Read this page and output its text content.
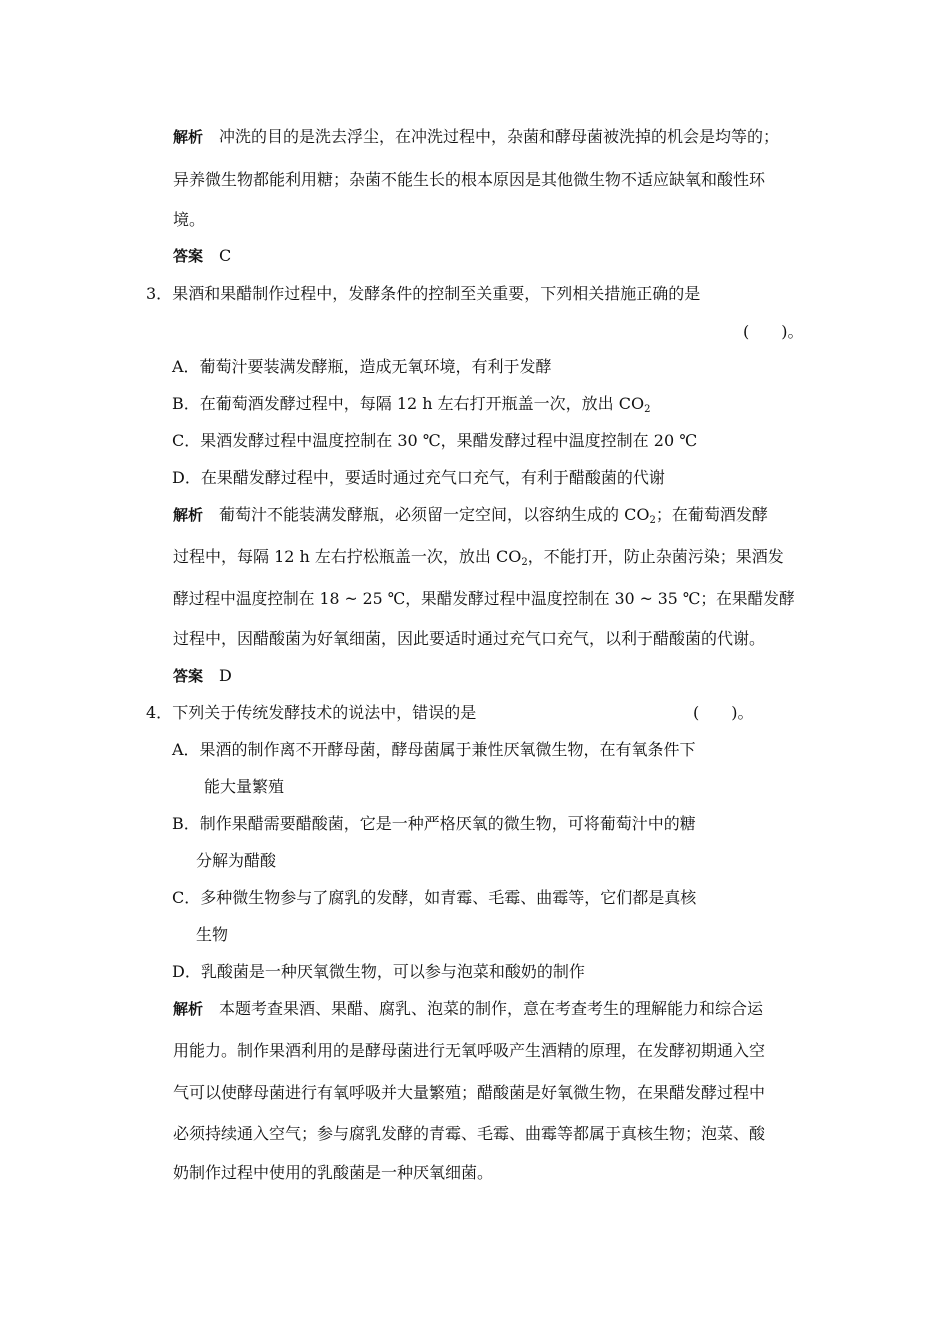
解析 冲洗的目的是洗去浮尘，在冲洗过程中，杂菌和酵母菌被洗掉的机会是均等的；
异养微生物都能利用糖；杂菌不能生长的根本原因是其他微生物不适应缺氧和酸性环
境。
答案 C
3．果酒和果醋制作过程中，发酵条件的控制至关重要，下列相关措施正确的是
(　　)。
A．葡萄汁要装满发酵瓶，造成无氧环境，有利于发酵
B．在葡萄酒发酵过程中，每隔 12 h 左右打开瓶盖一次，放出 $CO_2$
C．果酒发酵过程中温度控制在 30 ℃，果醋发酵过程中温度控制在 20 ℃
D．在果醋发酵过程中，要适时通过充气口充气，有利于醋酸菌的代谢
解析 葡萄汁不能装满发酵瓶，必须留一定空间，以容纳生成的 $CO_2$；在葡萄酒发酵
过程中，每隔 12 h 左右拧松瓶盖一次，放出 $CO_2$，不能打开，防止杂菌污染；果酒发
酵过程中温度控制在 18 ~ 25 ℃，果醋发酵过程中温度控制在 30 ~ 35 ℃；在果醋发酵
过程中，因醋酸菌为好氧细菌，因此要适时通过充气口充气，以利于醋酸菌的代谢。
答案 D
4．下列关于传统发酵技术的说法中，错误的是	(　　)。
A．果酒的制作离不开酵母菌，酵母菌属于兼性厌氧微生物，在有氧条件下
能大量繁殖
B．制作果醋需要醋酸菌，它是一种严格厌氧的微生物，可将葡萄汁中的糖
分解为醋酸
C．多种微生物参与了腐乳的发酵，如青霉、毛霉、曲霉等，它们都是真核
生物
D．乳酸菌是一种厌氧微生物，可以参与泡菜和酸奶的制作
解析 本题考查果酒、果醋、腐乳、泡菜的制作，意在考查考生的理解能力和综合运
用能力。制作果酒利用的是酵母菌进行无氧呼吸产生酒精的原理，在发酵初期通入空
气可以使酵母菌进行有氧呼吸并大量繁殖；醋酸菌是好氧微生物，在果醋发酵过程中
必须持续通入空气；参与腐乳发酵的青霉、毛霉、曲霉等都属于真核生物；泡菜、酸
奶制作过程中使用的乳酸菌是一种厌氧细菌。
